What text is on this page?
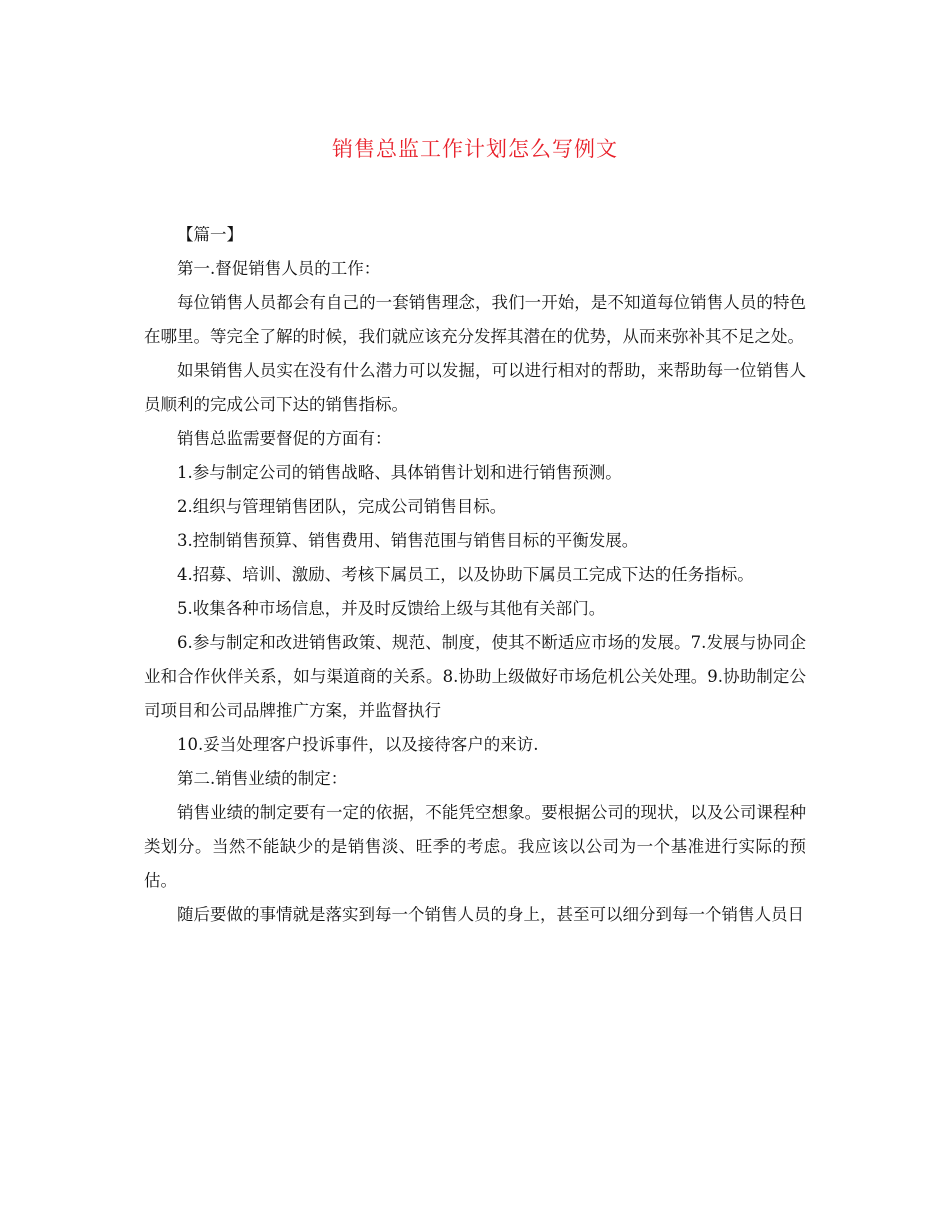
销售总监工作计划怎么写例文

【篇一】

第一.督促销售人员的工作：

每位销售人员都会有自己的一套销售理念，我们一开始，是不知道每位销售人员的特色在哪里。等完全了解的时候，我们就应该充分发挥其潜在的优势，从而来弥补其不足之处。

如果销售人员实在没有什么潜力可以发掘，可以进行相对的帮助，来帮助每一位销售人员顺利的完成公司下达的销售指标。

销售总监需要督促的方面有：

1.参与制定公司的销售战略、具体销售计划和进行销售预测。

2.组织与管理销售团队，完成公司销售目标。

3.控制销售预算、销售费用、销售范围与销售目标的平衡发展。

4.招募、培训、激励、考核下属员工，以及协助下属员工完成下达的任务指标。

5.收集各种市场信息，并及时反馈给上级与其他有关部门。

6.参与制定和改进销售政策、规范、制度，使其不断适应市场的发展。7.发展与协同企业和合作伙伴关系，如与渠道商的关系。8.协助上级做好市场危机公关处理。9.协助制定公司项目和公司品牌推广方案，并监督执行

10.妥当处理客户投诉事件，以及接待客户的来访.

第二.销售业绩的制定：

销售业绩的制定要有一定的依据，不能凭空想象。要根据公司的现状，以及公司课程种类划分。当然不能缺少的是销售淡、旺季的考虑。我应该以公司为一个基准进行实际的预估。

随后要做的事情就是落实到每一个销售人员的身上，甚至可以细分到每一个销售人员日
